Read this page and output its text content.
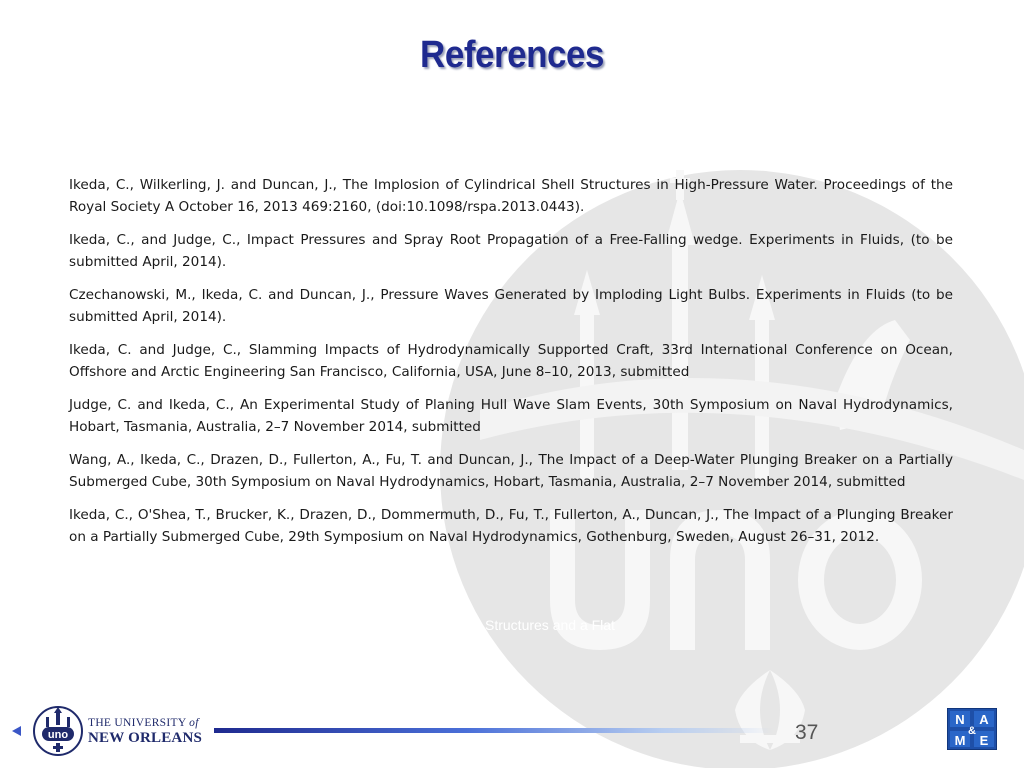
References

Ikeda, C., Wilkerling, J. and Duncan, J., The Implosion of Cylindrical Shell Structures in High-Pressure Water. Proceedings of the Royal Society A October 16, 2013 469:2160, (doi:10.1098/rspa.2013.0443).

Ikeda, C., and Judge, C., Impact Pressures and Spray Root Propagation of a Free-Falling wedge. Experiments in Fluids, (to be submitted April, 2014).

Czechanowski, M., Ikeda, C. and Duncan, J., Pressure Waves Generated by Imploding Light Bulbs. Experiments in Fluids (to be submitted April, 2014).

Ikeda, C. and Judge, C., Slamming Impacts of Hydrodynamically Supported Craft, 33rd International Conference on Ocean, Offshore and Arctic Engineering San Francisco, California, USA, June 8–10, 2013, submitted

Judge, C. and Ikeda, C., An Experimental Study of Planing Hull Wave Slam Events, 30th Symposium on Naval Hydrodynamics, Hobart, Tasmania, Australia, 2–7 November 2014, submitted

Wang, A., Ikeda, C., Drazen, D., Fullerton, A., Fu, T. and Duncan, J., The Impact of a Deep-Water Plunging Breaker on a Partially Submerged Cube, 30th Symposium on Naval Hydrodynamics, Hobart, Tasmania, Australia, 2–7 November 2014, submitted

Ikeda, C., O'Shea, T., Brucker, K., Drazen, D., Dommermuth, D., Fu, T., Fullerton, A., Duncan, J., The Impact of a Plunging Breaker on a Partially Submerged Cube, 29th Symposium on Naval Hydrodynamics, Gothenburg, Sweden, August 26–31, 2012.

l Structures and a Flat
uno
THE UNIVERSITY of
NEW ORLEANS	37
N A
&
M E
